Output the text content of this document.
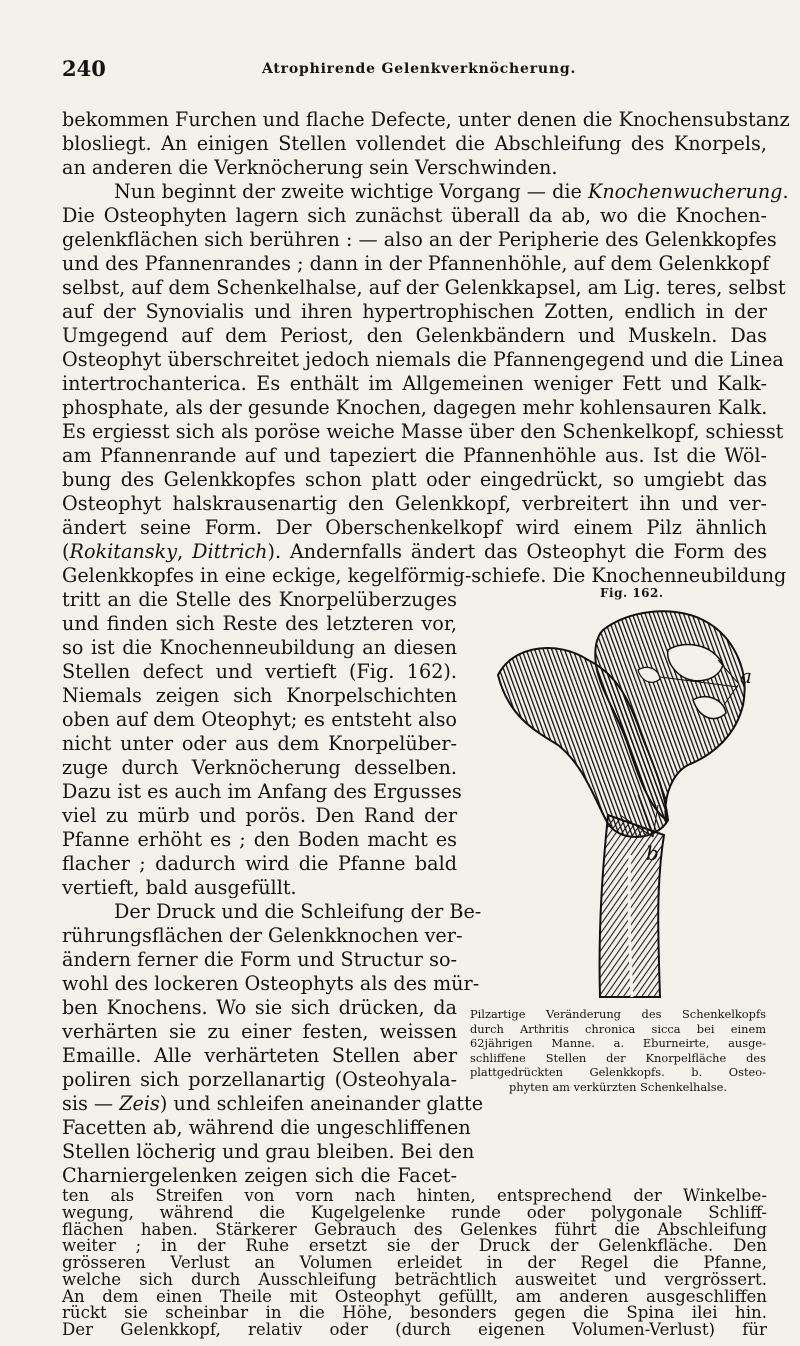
240	Atrophirende Gelenkverknöcherung.
bekommen Furchen und flache Defecte, unter denen die Knochensubstanz
blosliegt. An einigen Stellen vollendet die Abschleifung des Knorpels,
an anderen die Verknöcherung sein Verschwinden.
Nun beginnt der zweite wichtige Vorgang — die Knochenwucherung.
Die Osteophyten lagern sich zunächst überall da ab, wo die Knochen-
gelenkflächen sich berühren : — also an der Peripherie des Gelenkkopfes
und des Pfannenrandes ; dann in der Pfannenhöhle, auf dem Gelenkkopf
selbst, auf dem Schenkelhalse, auf der Gelenkkapsel, am Lig. teres, selbst
auf der Synovialis und ihren hypertrophischen Zotten, endlich in der
Umgegend auf dem Periost, den Gelenkbändern und Muskeln. Das
Osteophyt überschreitet jedoch niemals die Pfannengegend und die Linea
intertrochanterica. Es enthält im Allgemeinen weniger Fett und Kalk-
phosphate, als der gesunde Knochen, dagegen mehr kohlensauren Kalk.
Es ergiesst sich als poröse weiche Masse über den Schenkelkopf, schiesst
am Pfannenrande auf und tapeziert die Pfannenhöhle aus. Ist die Wöl-
bung des Gelenkkopfes schon platt oder eingedrückt, so umgiebt das
Osteophyt halskrausenartig den Gelenkkopf, verbreitert ihn und ver-
ändert seine Form. Der Oberschenkelkopf wird einem Pilz ähnlich
(Rokitansky, Dittrich). Andernfalls ändert das Osteophyt die Form des
Gelenkkopfes in eine eckige, kegelförmig-schiefe. Die Knochenneubildung
tritt an die Stelle des Knorpelüberzuges
und finden sich Reste des letzteren vor,
so ist die Knochenneubildung an diesen
Stellen defect und vertieft (Fig. 162).
Niemals zeigen sich Knorpelschichten
oben auf dem Oteophyt; es entsteht also
nicht unter oder aus dem Knorpelüber-
zuge durch Verknöcherung desselben.
Dazu ist es auch im Anfang des Ergusses
viel zu mürb und porös. Den Rand der
Pfanne erhöht es ; den Boden macht es
flacher ; dadurch wird die Pfanne bald
vertieft, bald ausgefüllt.
Der Druck und die Schleifung der Be-
rührungsflächen der Gelenkknochen ver-
ändern ferner die Form und Structur so-
wohl des lockeren Osteophyts als des mür-
ben Knochens. Wo sie sich drücken, da
verhärten sie zu einer festen, weissen
Emaille. Alle verhärteten Stellen aber
poliren sich porzellanartig (Osteohyala-
sis — Zeis) und schleifen aneinander glatte
Facetten ab, während die ungeschliffenen
Stellen löcherig und grau bleiben. Bei den
Charniergelenken zeigen sich die Facet-
Fig. 162.
a
b
Pilzartige Veränderung des Schenkelkopfs
durch Arthritis chronica sicca bei einem
62jährigen Manne. a. Eburneirte, ausge-
schliffene Stellen der Knorpelfläche des
plattgedrückten Gelenkkopfs. b. Osteo-
phyten am verkürzten Schenkelhalse.
ten als Streifen von vorn nach hinten, entsprechend der Winkelbe-
wegung, während die Kugelgelenke runde oder polygonale Schliff-
flächen haben. Stärkerer Gebrauch des Gelenkes führt die Abschleifung
weiter ; in der Ruhe ersetzt sie der Druck der Gelenkfläche. Den
grösseren Verlust an Volumen erleidet in der Regel die Pfanne,
welche sich durch Ausschleifung beträchtlich ausweitet und vergrössert.
An dem einen Theile mit Osteophyt gefüllt, am anderen ausgeschliffen
rückt sie scheinbar in die Höhe, besonders gegen die Spina ilei hin.
Der Gelenkkopf, relativ oder (durch eigenen Volumen-Verlust) für
